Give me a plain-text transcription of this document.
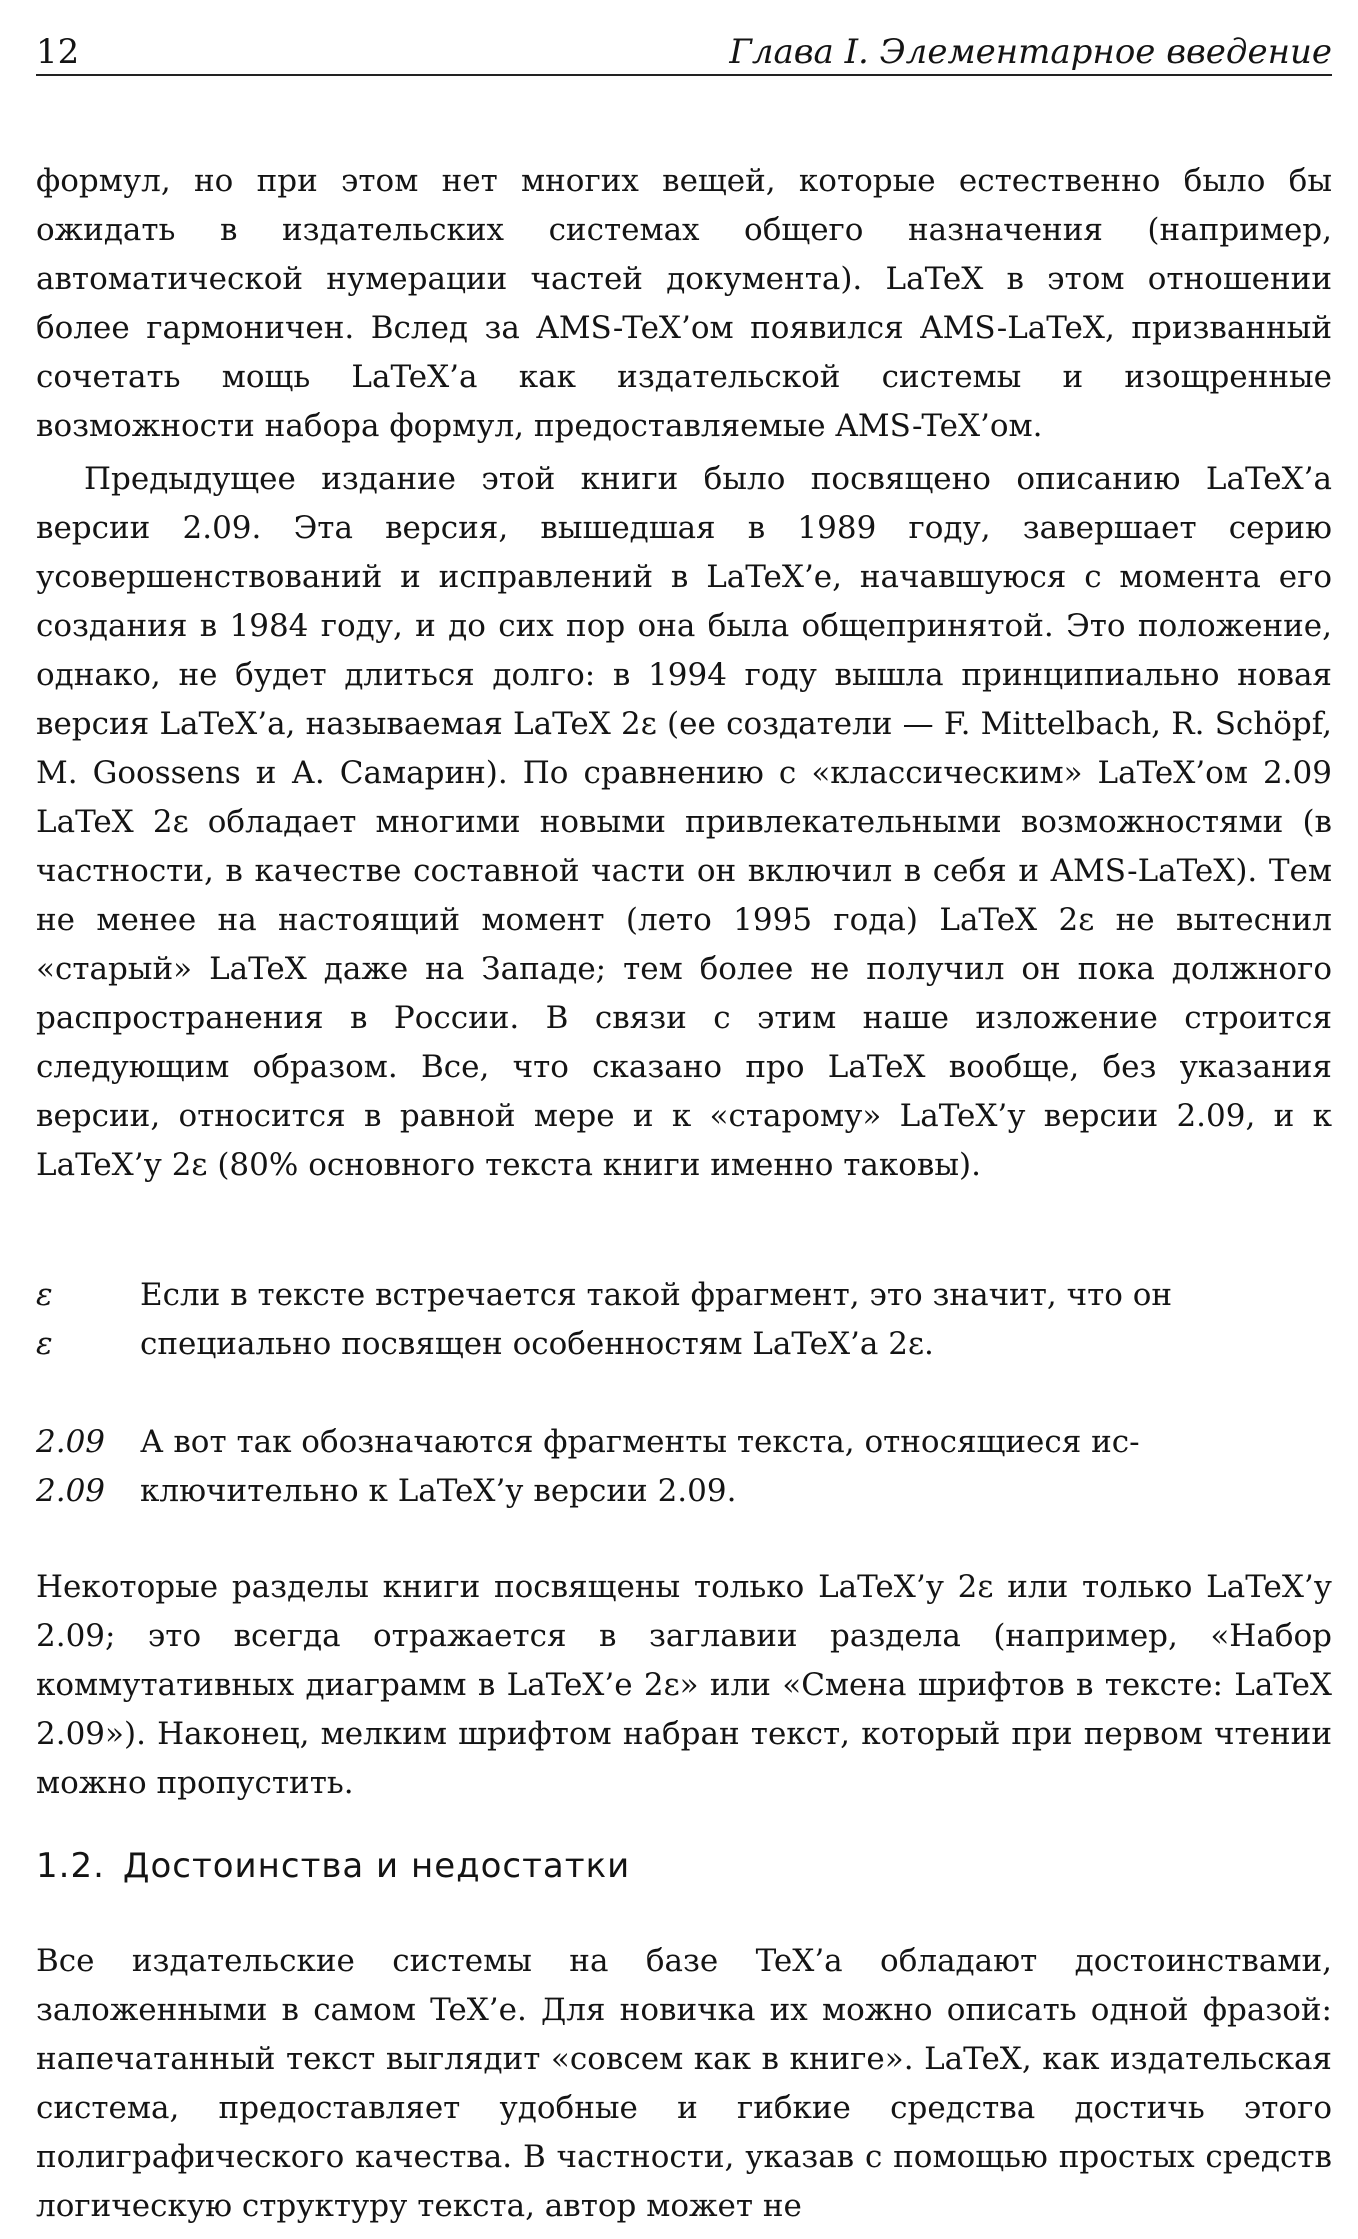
12	Глава I. Элементарное введение

формул, но при этом нет многих вещей, которые естественно было бы ожидать в издательских системах общего назначения (например, автоматической нумерации частей документа). LaTeX в этом отношении более гармоничен. Вслед за AMS-TeX’ом появился AMS-LaTeX, призванный сочетать мощь LaTeX’а как издательской системы и изощренные возможности набора формул, предоставляемые AMS-TeX’ом.

Предыдущее издание этой книги было посвящено описанию LaTeX’а версии 2.09. Эта версия, вышедшая в 1989 году, завершает серию усовершенствований и исправлений в LaTeX’е, начавшуюся с момента его создания в 1984 году, и до сих пор она была общепринятой. Это положение, однако, не будет длиться долго: в 1994 году вышла принципиально новая версия LaTeX’а, называемая LaTeX 2ε (ее создатели — F. Mittelbach, R. Schöpf, M. Goossens и А. Самарин). По сравнению с «классическим» LaTeX’ом 2.09 LaTeX 2ε обладает многими новыми привлекательными возможностями (в частности, в качестве составной части он включил в себя и AMS-LaTeX). Тем не менее на настоящий момент (лето 1995 года) LaTeX 2ε не вытеснил «старый» LaTeX даже на Западе; тем более не получил он пока должного распространения в России. В связи с этим наше изложение строится следующим образом. Все, что сказано про LaTeX вообще, без указания версии, относится в равной мере и к «старому» LaTeX’у версии 2.09, и к LaTeX’у 2ε (80% основного текста книги именно таковы).

ε	Если в тексте встречается такой фрагмент, это значит, что он
ε	специально посвящен особенностям LaTeX’а 2ε.
2.09	А вот так обозначаются фрагменты текста, относящиеся ис-
2.09	ключительно к LaTeX’у версии 2.09.

Некоторые разделы книги посвящены только LaTeX’у 2ε или только LaTeX’у 2.09; это всегда отражается в заглавии раздела (например, «Набор коммутативных диаграмм в LaTeX’е 2ε» или «Смена шрифтов в тексте: LaTeX 2.09»). Наконец, мелким шрифтом набран текст, который при первом чтении можно пропустить.

1.2. Достоинства и недостатки

Все издательские системы на базе TeX’а обладают достоинствами, заложенными в самом TeX’е. Для новичка их можно описать одной фразой: напечатанный текст выглядит «совсем как в книге». LaTeX, как издательская система, предоставляет удобные и гибкие средства достичь этого полиграфического качества. В частности, указав с помощью простых средств логическую структуру текста, автор может не
